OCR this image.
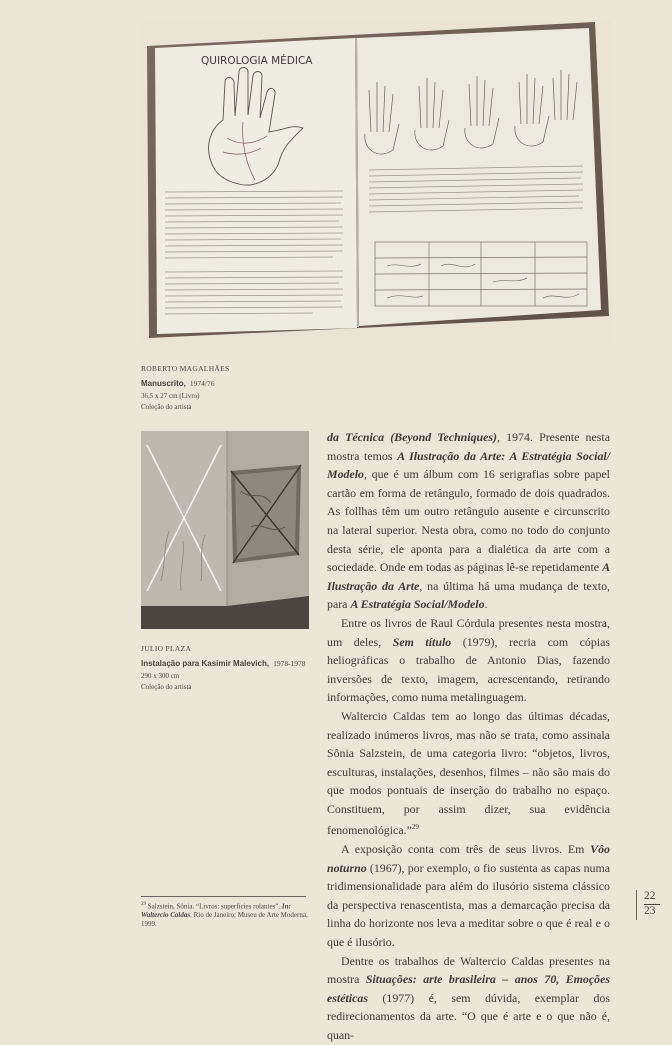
QUIROLOGIA MÉDICA
Foto Rita Gibran
ROBERTO MAGALHÃES
Manuscrito, 1974/76
36,5 x 27 cm (Livro)
Coleção do artista
JULIO PLAZA
Instalação para Kasimir Malevich, 1978-1978
290 x 300 cm
Coleção do artista

da Técnica (Beyond Techniques), 1974. Presente nesta mostra temos A Ilustração da Arte: A Estratégia Social/ Modelo, que é um álbum com 16 serigrafias sobre papel cartão em forma de retângulo, formado de dois quadrados. As follhas têm um outro retângulo ausente e circunscrito na lateral superior. Nesta obra, como no todo do conjunto desta série, ele aponta para a dialética da arte com a sociedade. Onde em todas as páginas lê-se repetidamente A Ilustração da Arte, na última há uma mudança de texto, para A Estratégia Social/Modelo.

Entre os livros de Raul Córdula presentes nesta mostra, um deles, Sem título (1979), recria com cópias heliográficas o trabalho de Antonio Dias, fazendo inversões de texto, imagem, acrescentando, retirando informações, como numa metalinguagem.

Waltercio Caldas tem ao longo das últimas décadas, realizado inúmeros livros, mas não se trata, como assinala Sônia Salzstein, de uma categoria livro: “objetos, livros, esculturas, instalações, desenhos, filmes – não são mais do que modos pontuais de inserção do trabalho no espaço. Constituem, por assim dizer, sua evidência fenomenológica.”$^{29}$

A exposição conta com três de seus livros. Em Vôo noturno (1967), por exemplo, o fio sustenta as capas numa tridimensionalidade para além do ilusório sistema clássico da perspectiva renascentista, mas a demarcação precisa da linha do horizonte nos leva a meditar sobre o que é real e o que é ilusório.

Dentre os trabalhos de Waltercio Caldas presentes na mostra Situações: arte brasileira – anos 70, Emoções estéticas (1977) é, sem dúvida, exemplar dos redirecionamentos da arte. “O que é arte e o que não é, quan-

$^{29}$ Salzstein, Sônia. “Livros: superfícies rolantes”. In: Waltercio Caldas. Rio de Janeiro: Museu de Arte Moderna, 1999.
22
23
